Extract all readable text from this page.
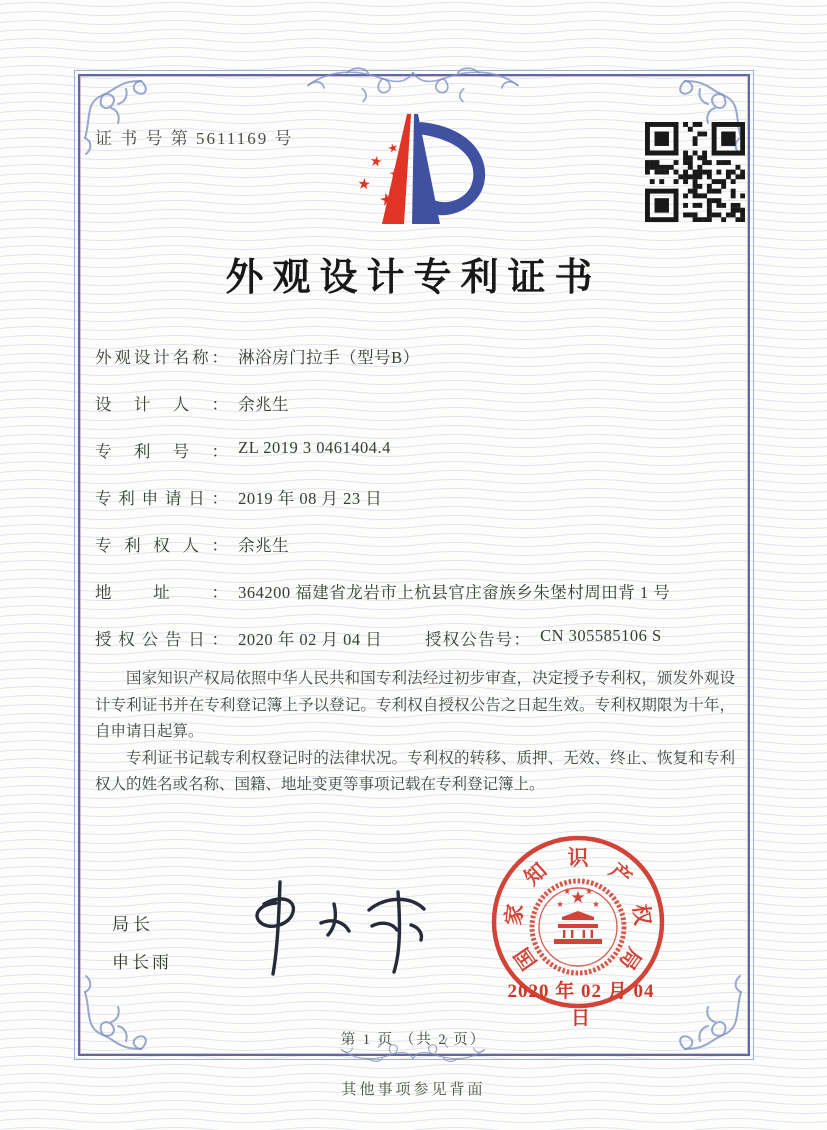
证 书 号 第 5611169 号	★
★
★
★
★
外观设计专利证书
外观设计名称： 淋浴房门拉手（型号B）
设计人： 余兆生
专利号： ZL 2019 3 0461404.4
专利申请日： 2019 年 08 月 23 日
专利权人： 余兆生
地址： 364200 福建省龙岩市上杭县官庄畲族乡朱堡村周田背 1 号
授权公告日： 2020 年 02 月 04 日	授权公告号： CN 305585106 S

国家知识产权局依照中华人民共和国专利法经过初步审查，决定授予专利权，颁发外观设计专利证书并在专利登记簿上予以登记。专利权自授权公告之日起生效。专利权期限为十年，自申请日起算。

专利证书记载专利权登记时的法律状况。专利权的转移、质押、无效、终止、恢复和专利权人的姓名或名称、国籍、地址变更等事项记载在专利登记簿上。

局长
申长雨
★
★
★ ★
★
国
家
知
识
产
权
局
2020 年 02 月 04 日
第 1 页 （共 2 页）
其他事项参见背面
